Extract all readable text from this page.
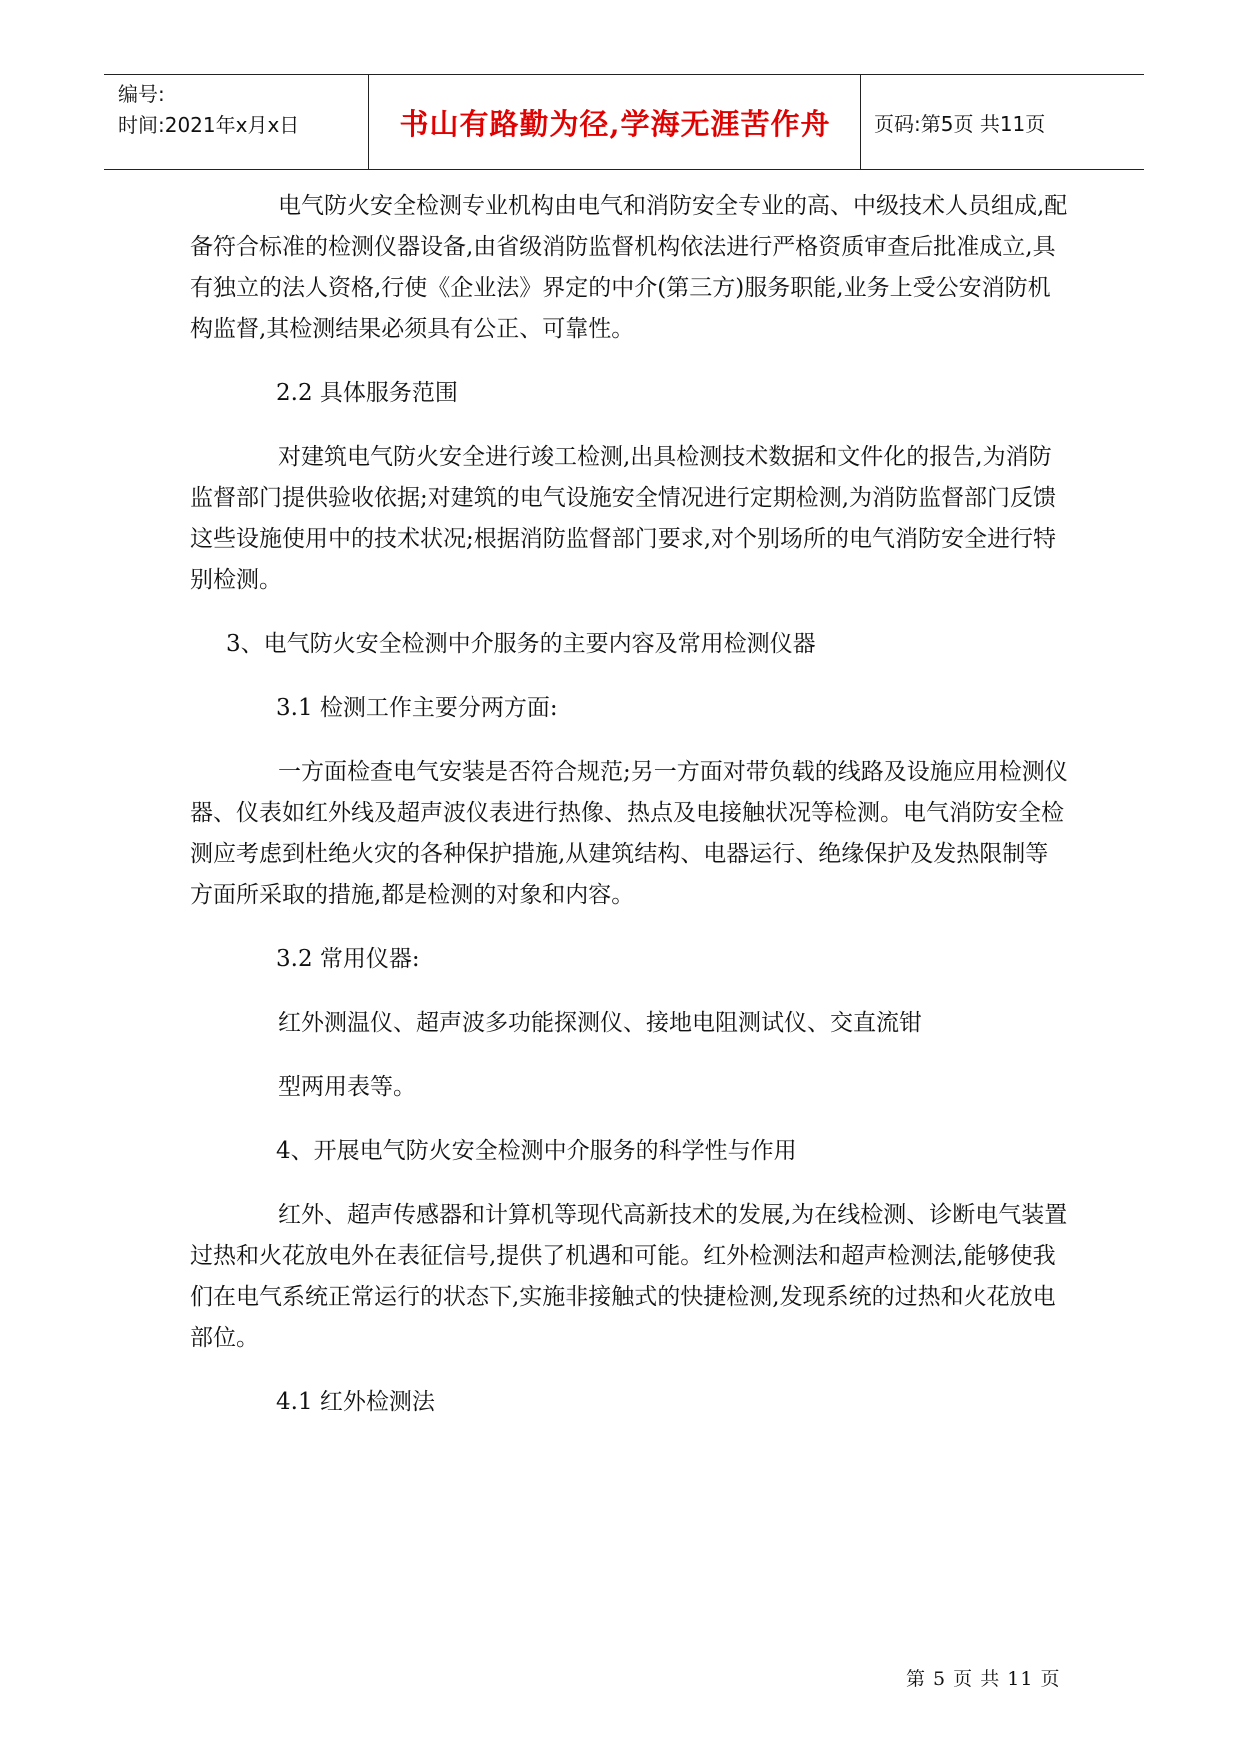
编号:
时间:2021年x月x日	书山有路勤为径,学海无涯苦作舟	页码:第5页 共11页

电气防火安全检测专业机构由电气和消防安全专业的高、中级技术人员组成,配备符合标准的检测仪器设备,由省级消防监督机构依法进行严格资质审查后批准成立,具有独立的法人资格,行使《企业法》界定的中介(第三方)服务职能,业务上受公安消防机构监督,其检测结果必须具有公正、可靠性。

2.2 具体服务范围

对建筑电气防火安全进行竣工检测,出具检测技术数据和文件化的报告,为消防监督部门提供验收依据;对建筑的电气设施安全情况进行定期检测,为消防监督部门反馈这些设施使用中的技术状况;根据消防监督部门要求,对个别场所的电气消防安全进行特别检测。

3、电气防火安全检测中介服务的主要内容及常用检测仪器

3.1 检测工作主要分两方面:

一方面检查电气安装是否符合规范;另一方面对带负载的线路及设施应用检测仪器、仪表如红外线及超声波仪表进行热像、热点及电接触状况等检测。电气消防安全检测应考虑到杜绝火灾的各种保护措施,从建筑结构、电器运行、绝缘保护及发热限制等方面所采取的措施,都是检测的对象和内容。

3.2 常用仪器:

红外测温仪、超声波多功能探测仪、接地电阻测试仪、交直流钳

型两用表等。

4、开展电气防火安全检测中介服务的科学性与作用

红外、超声传感器和计算机等现代高新技术的发展,为在线检测、诊断电气装置过热和火花放电外在表征信号,提供了机遇和可能。红外检测法和超声检测法,能够使我们在电气系统正常运行的状态下,实施非接触式的快捷检测,发现系统的过热和火花放电部位。

4.1 红外检测法

第 5 页 共 11 页
